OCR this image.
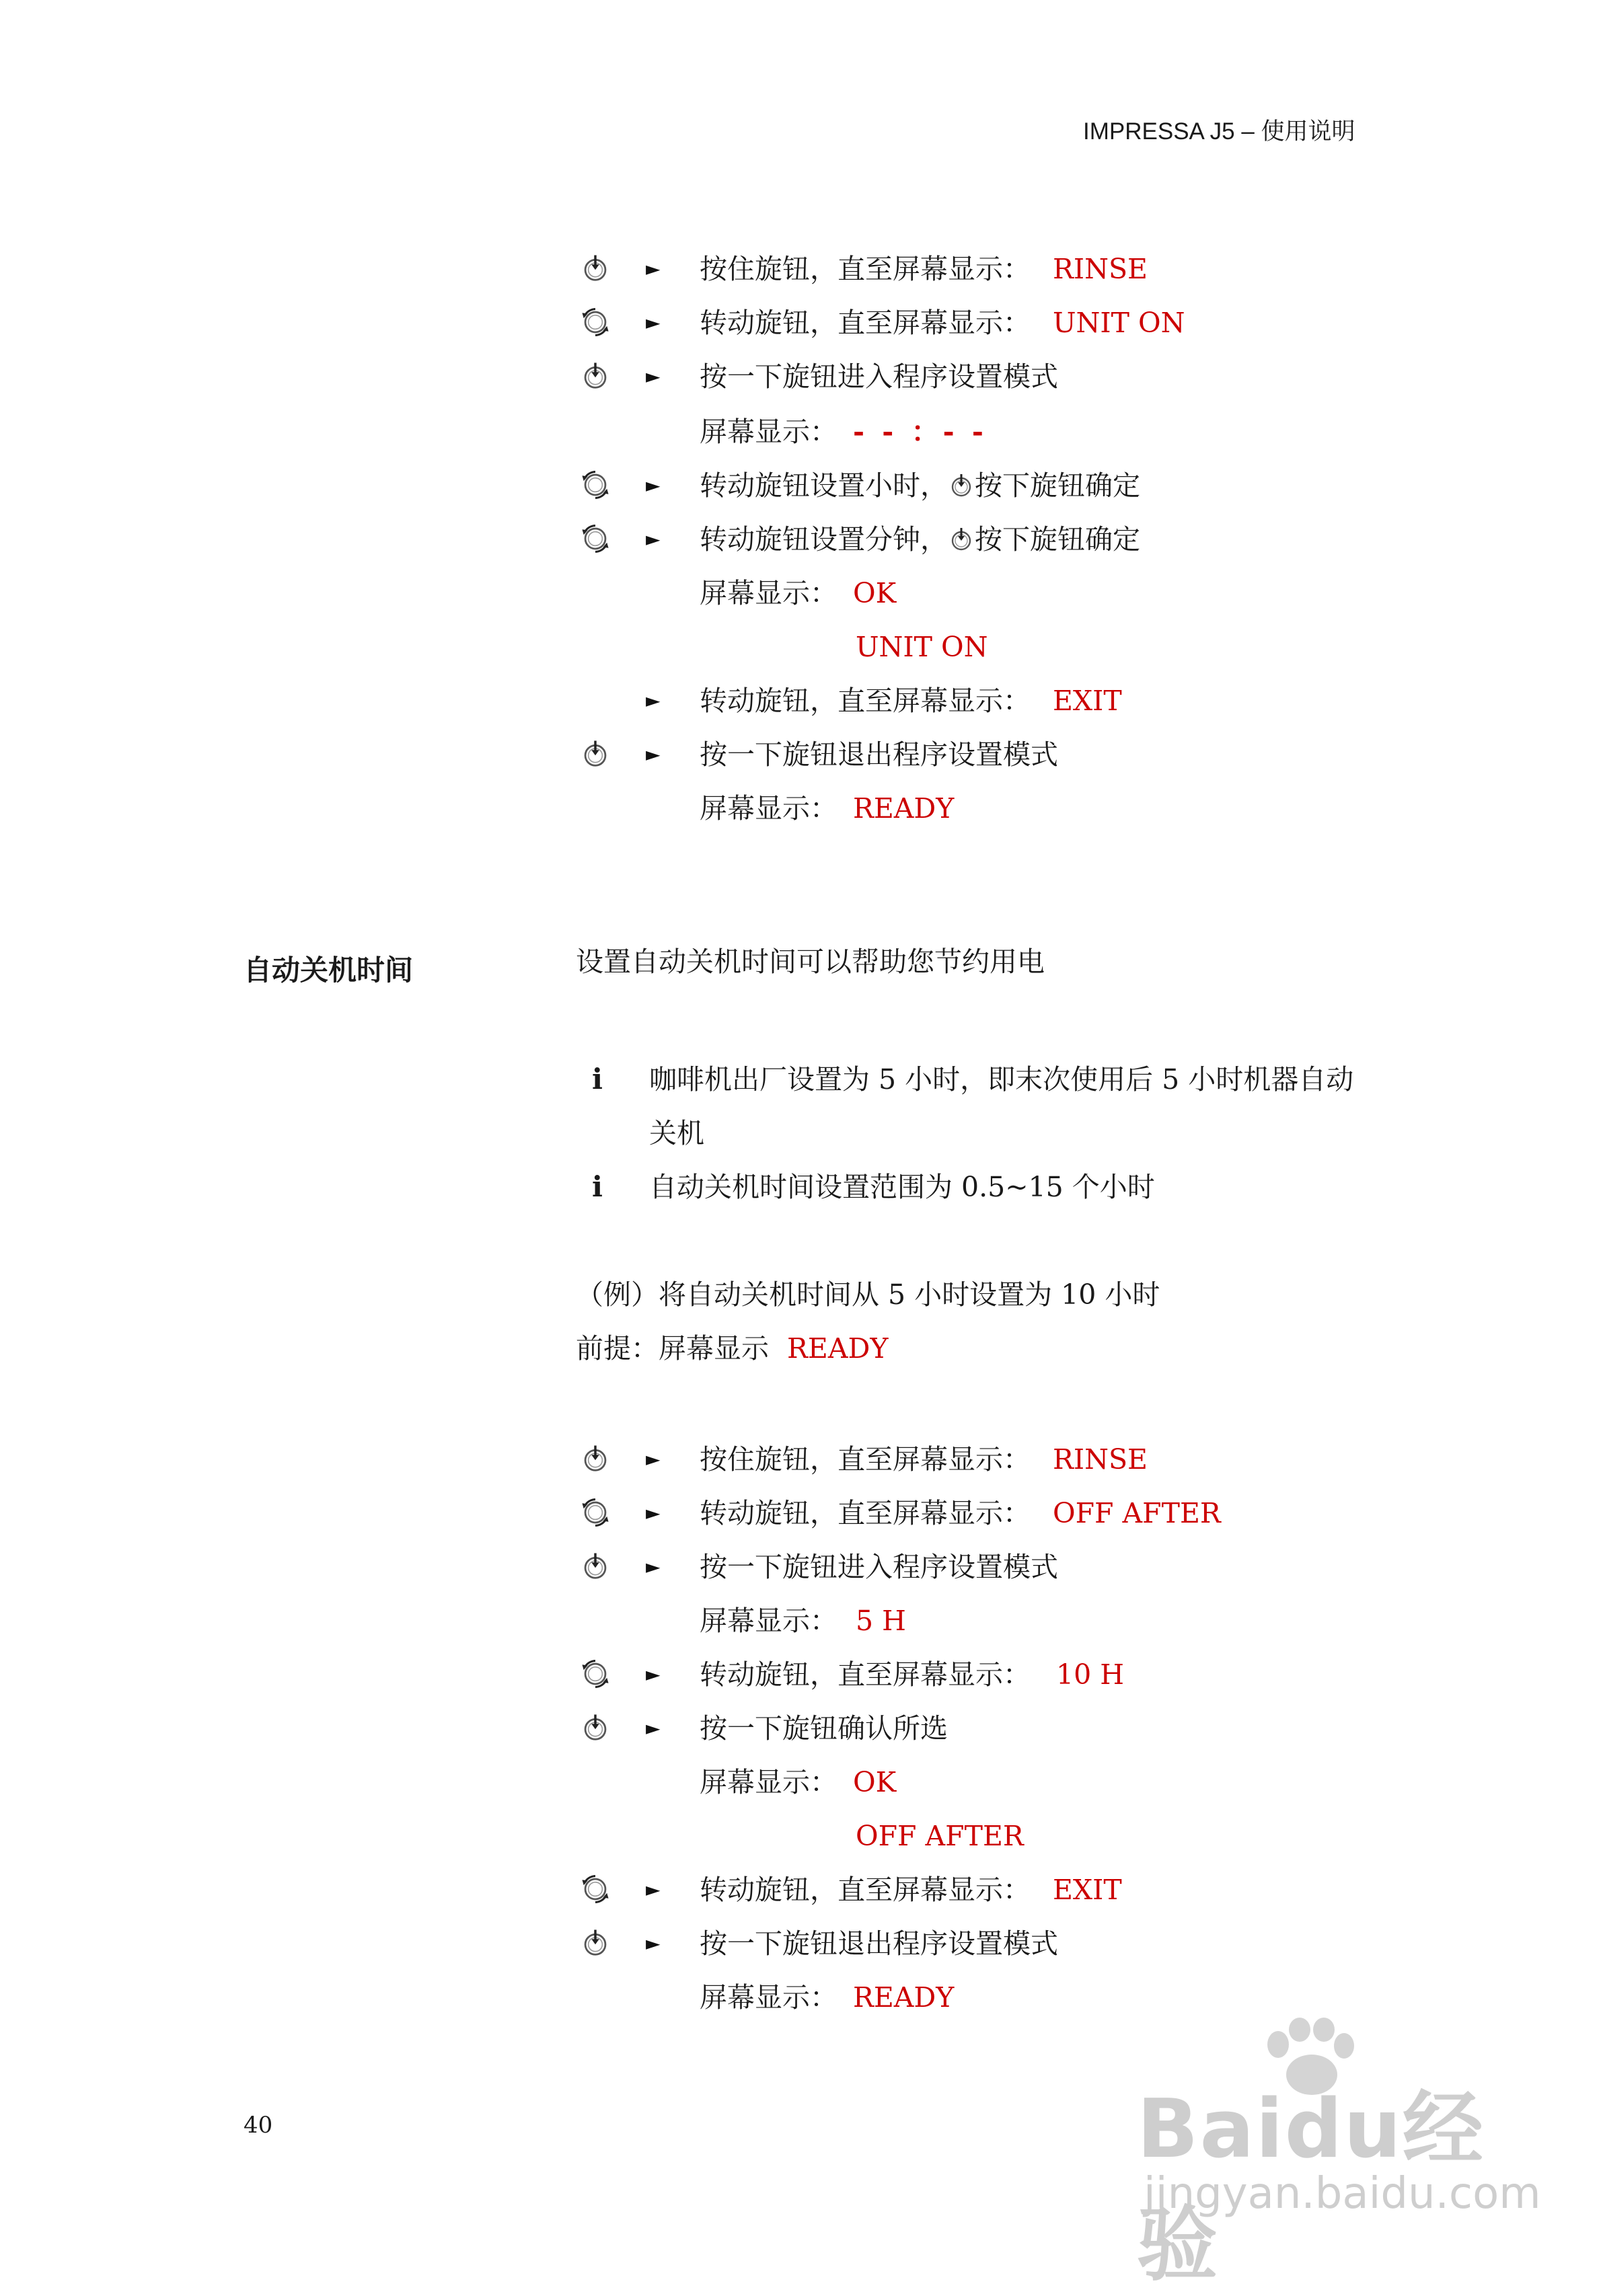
IMPRESSA J5 – 使用说明
► 按住旋钮，直至屏幕显示： RINSE
► 转动旋钮，直至屏幕显示： UNIT ON
► 按一下旋钮进入程序设置模式
屏幕显示： - - ：- -
► 转动旋钮设置小时， 按下旋钮确定
► 转动旋钮设置分钟， 按下旋钮确定
屏幕显示： OK
UNIT ON
► 转动旋钮，直至屏幕显示： EXIT
► 按一下旋钮退出程序设置模式
屏幕显示： READY
自动关机时间	设置自动关机时间可以帮助您节约用电
i 咖啡机出厂设置为 5 小时，即末次使用后 5 小时机器自动
关机
i 自动关机时间设置范围为 0.5~15 个小时
（例）将自动关机时间从 5 小时设置为 10 小时
前提：屏幕显示 READY
► 按住旋钮，直至屏幕显示： RINSE
► 转动旋钮，直至屏幕显示： OFF AFTER
► 按一下旋钮进入程序设置模式
屏幕显示： 5 H
► 转动旋钮，直至屏幕显示： 10 H
► 按一下旋钮确认所选
屏幕显示： OK
OFF AFTER
► 转动旋钮，直至屏幕显示： EXIT
► 按一下旋钮退出程序设置模式
屏幕显示： READY
40	Baidu经验
jingyan.baidu.com
